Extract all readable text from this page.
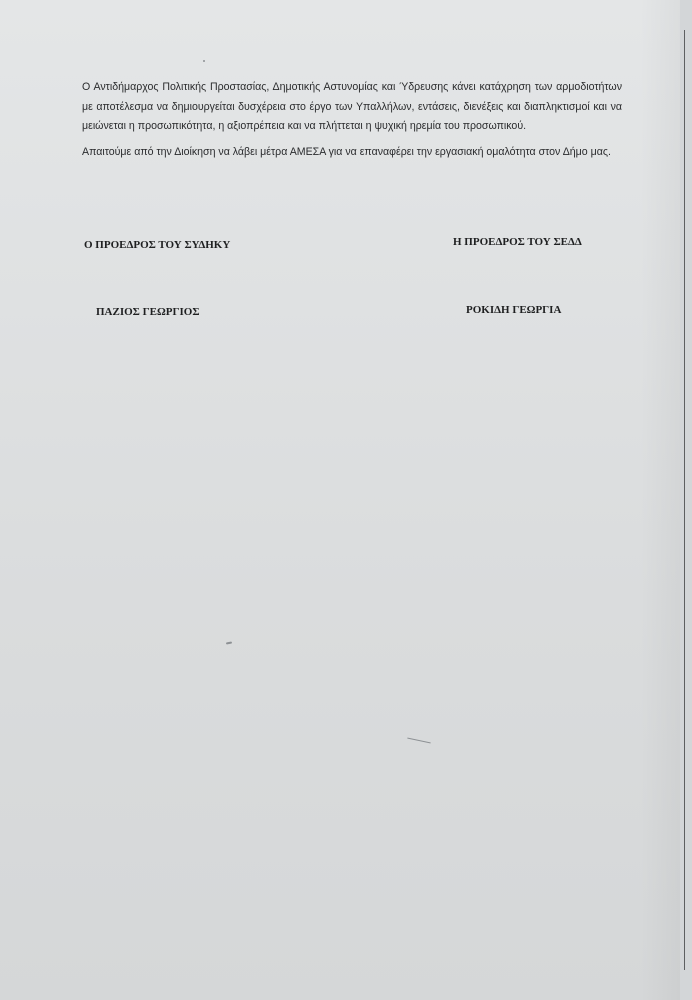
Ο Αντιδήμαρχος Πολιτικής Προστασίας, Δημοτικής Αστυνομίας και Ύδρευσης κάνει κατάχρηση των αρμοδιοτήτων με αποτέλεσμα να δημιουργείται δυσχέρεια στο έργο των Υπαλλήλων, εντάσεις, διενέξεις και διαπληκτισμοί και να μειώνεται η προσωπικότητα, η αξιοπρέπεια και να πλήττεται η ψυχική ηρεμία του προσωπικού.

Απαιτούμε από την Διοίκηση να λάβει μέτρα ΑΜΕΣΑ για να επαναφέρει την εργασιακή ομαλότητα στον Δήμο μας.

Ο ΠΡΟΕΔΡΟΣ ΤΟΥ ΣΥΔΗΚΥ	Η ΠΡΟΕΔΡΟΣ ΤΟΥ ΣΕΔΔ
ΠΑΖΙΟΣ ΓΕΩΡΓΙΟΣ	ΡΟΚΙΔΗ ΓΕΩΡΓΙΑ
